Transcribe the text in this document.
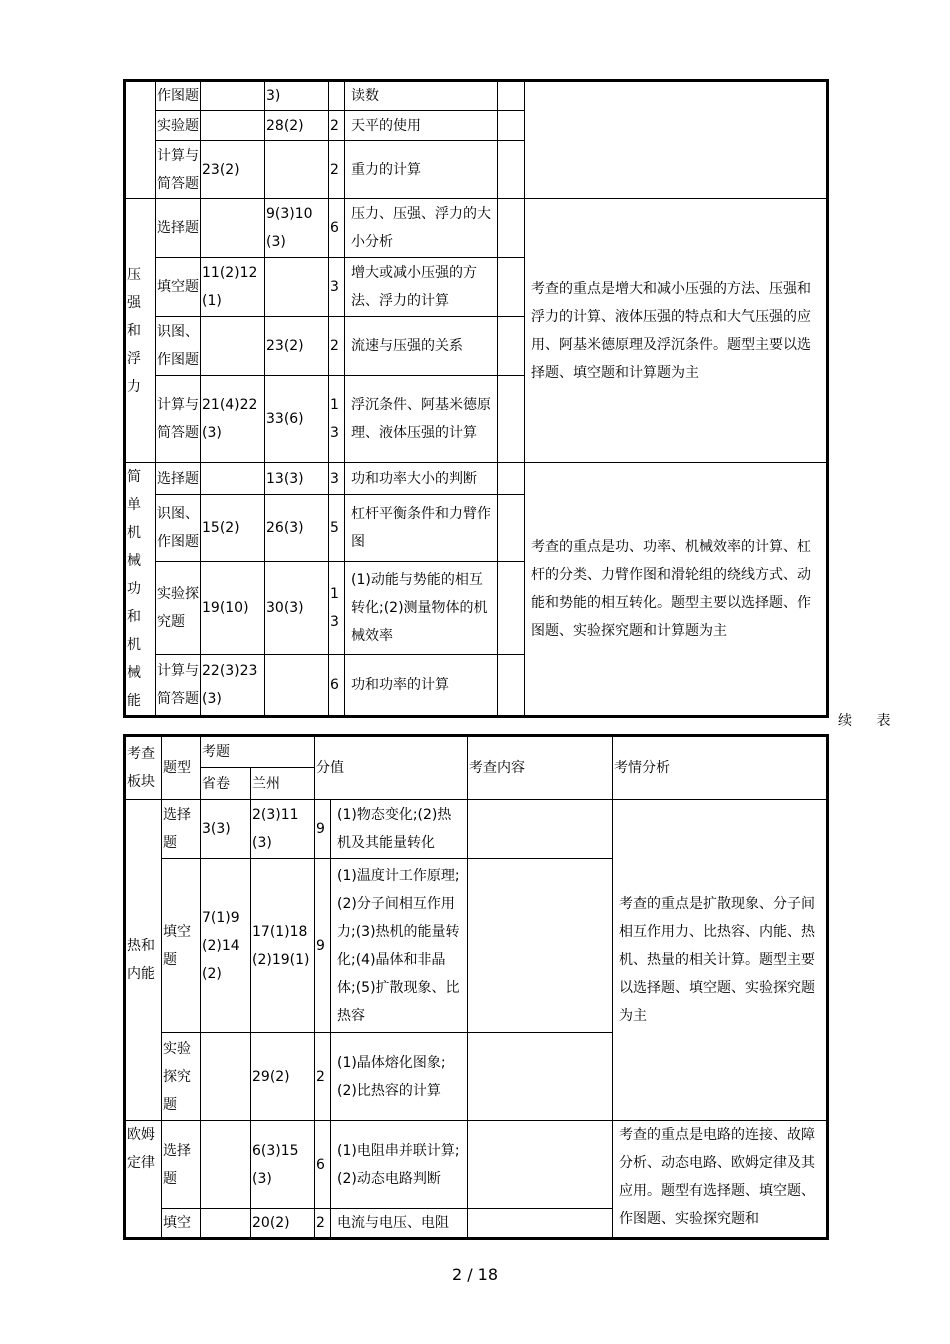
	作图题		3)		读数		
	实验题		28(2)	2	天平的使用		
	计算与简答题	23(2)		2	重力的计算		
压强和浮力	选择题		9(3)10(3)	6	压力、压强、浮力的大小分析		考查的重点是增大和减小压强的方法、压强和浮力的计算、液体压强的特点和大气压强的应用、阿基米德原理及浮沉条件。题型主要以选择题、填空题和计算题为主
	填空题	11(2)12(1)		3	增大或减小压强的方法、浮力的计算		
	识图、作图题		23(2)	2	流速与压强的关系		
	计算与简答题	21(4)22(3)	33(6)	13	浮沉条件、阿基米德原理、液体压强的计算		
简单机械功和机械能	选择题		13(3)	3	功和功率大小的判断		考查的重点是功、功率、机械效率的计算、杠杆的分类、力臂作图和滑轮组的绕线方式、动能和势能的相互转化。题型主要以选择题、作图题、实验探究题和计算题为主
	识图、作图题	15(2)	26(3)	5	杠杆平衡条件和力臂作图		
	实验探究题	19(10)	30(3)	13	(1)动能与势能的相互转化;(2)测量物体的机械效率		
	计算与简答题	22(3)23(3)		6	功和功率的计算		
续 表
考查板块	题型	考题		分值		考查内容	考情分析
		省卷	兰州				
热和内能	选择题	3(3)	2(3)11(3)	9	(1)物态变化;(2)热机及其能量转化		考查的重点是扩散现象、分子间相互作用力、比热容、内能、热机、热量的相关计算。题型主要以选择题、填空题、实验探究题为主
	填空题	7(1)9(2)14(2)	17(1)18(2)19(1)	9	(1)温度计工作原理;(2)分子间相互作用力;(3)热机的能量转化;(4)晶体和非晶体;(5)扩散现象、比热容		
	实验探究题		29(2)	2	(1)晶体熔化图象;(2)比热容的计算		
欧姆定律	选择题		6(3)15(3)	6	(1)电阻串并联计算;(2)动态电路判断		考查的重点是电路的连接、故障分析、动态电路、欧姆定律及其应用。题型有选择题、填空题、作图题、实验探究题和
	填空		20(2)	2	电流与电压、电阻		
2 / 18
